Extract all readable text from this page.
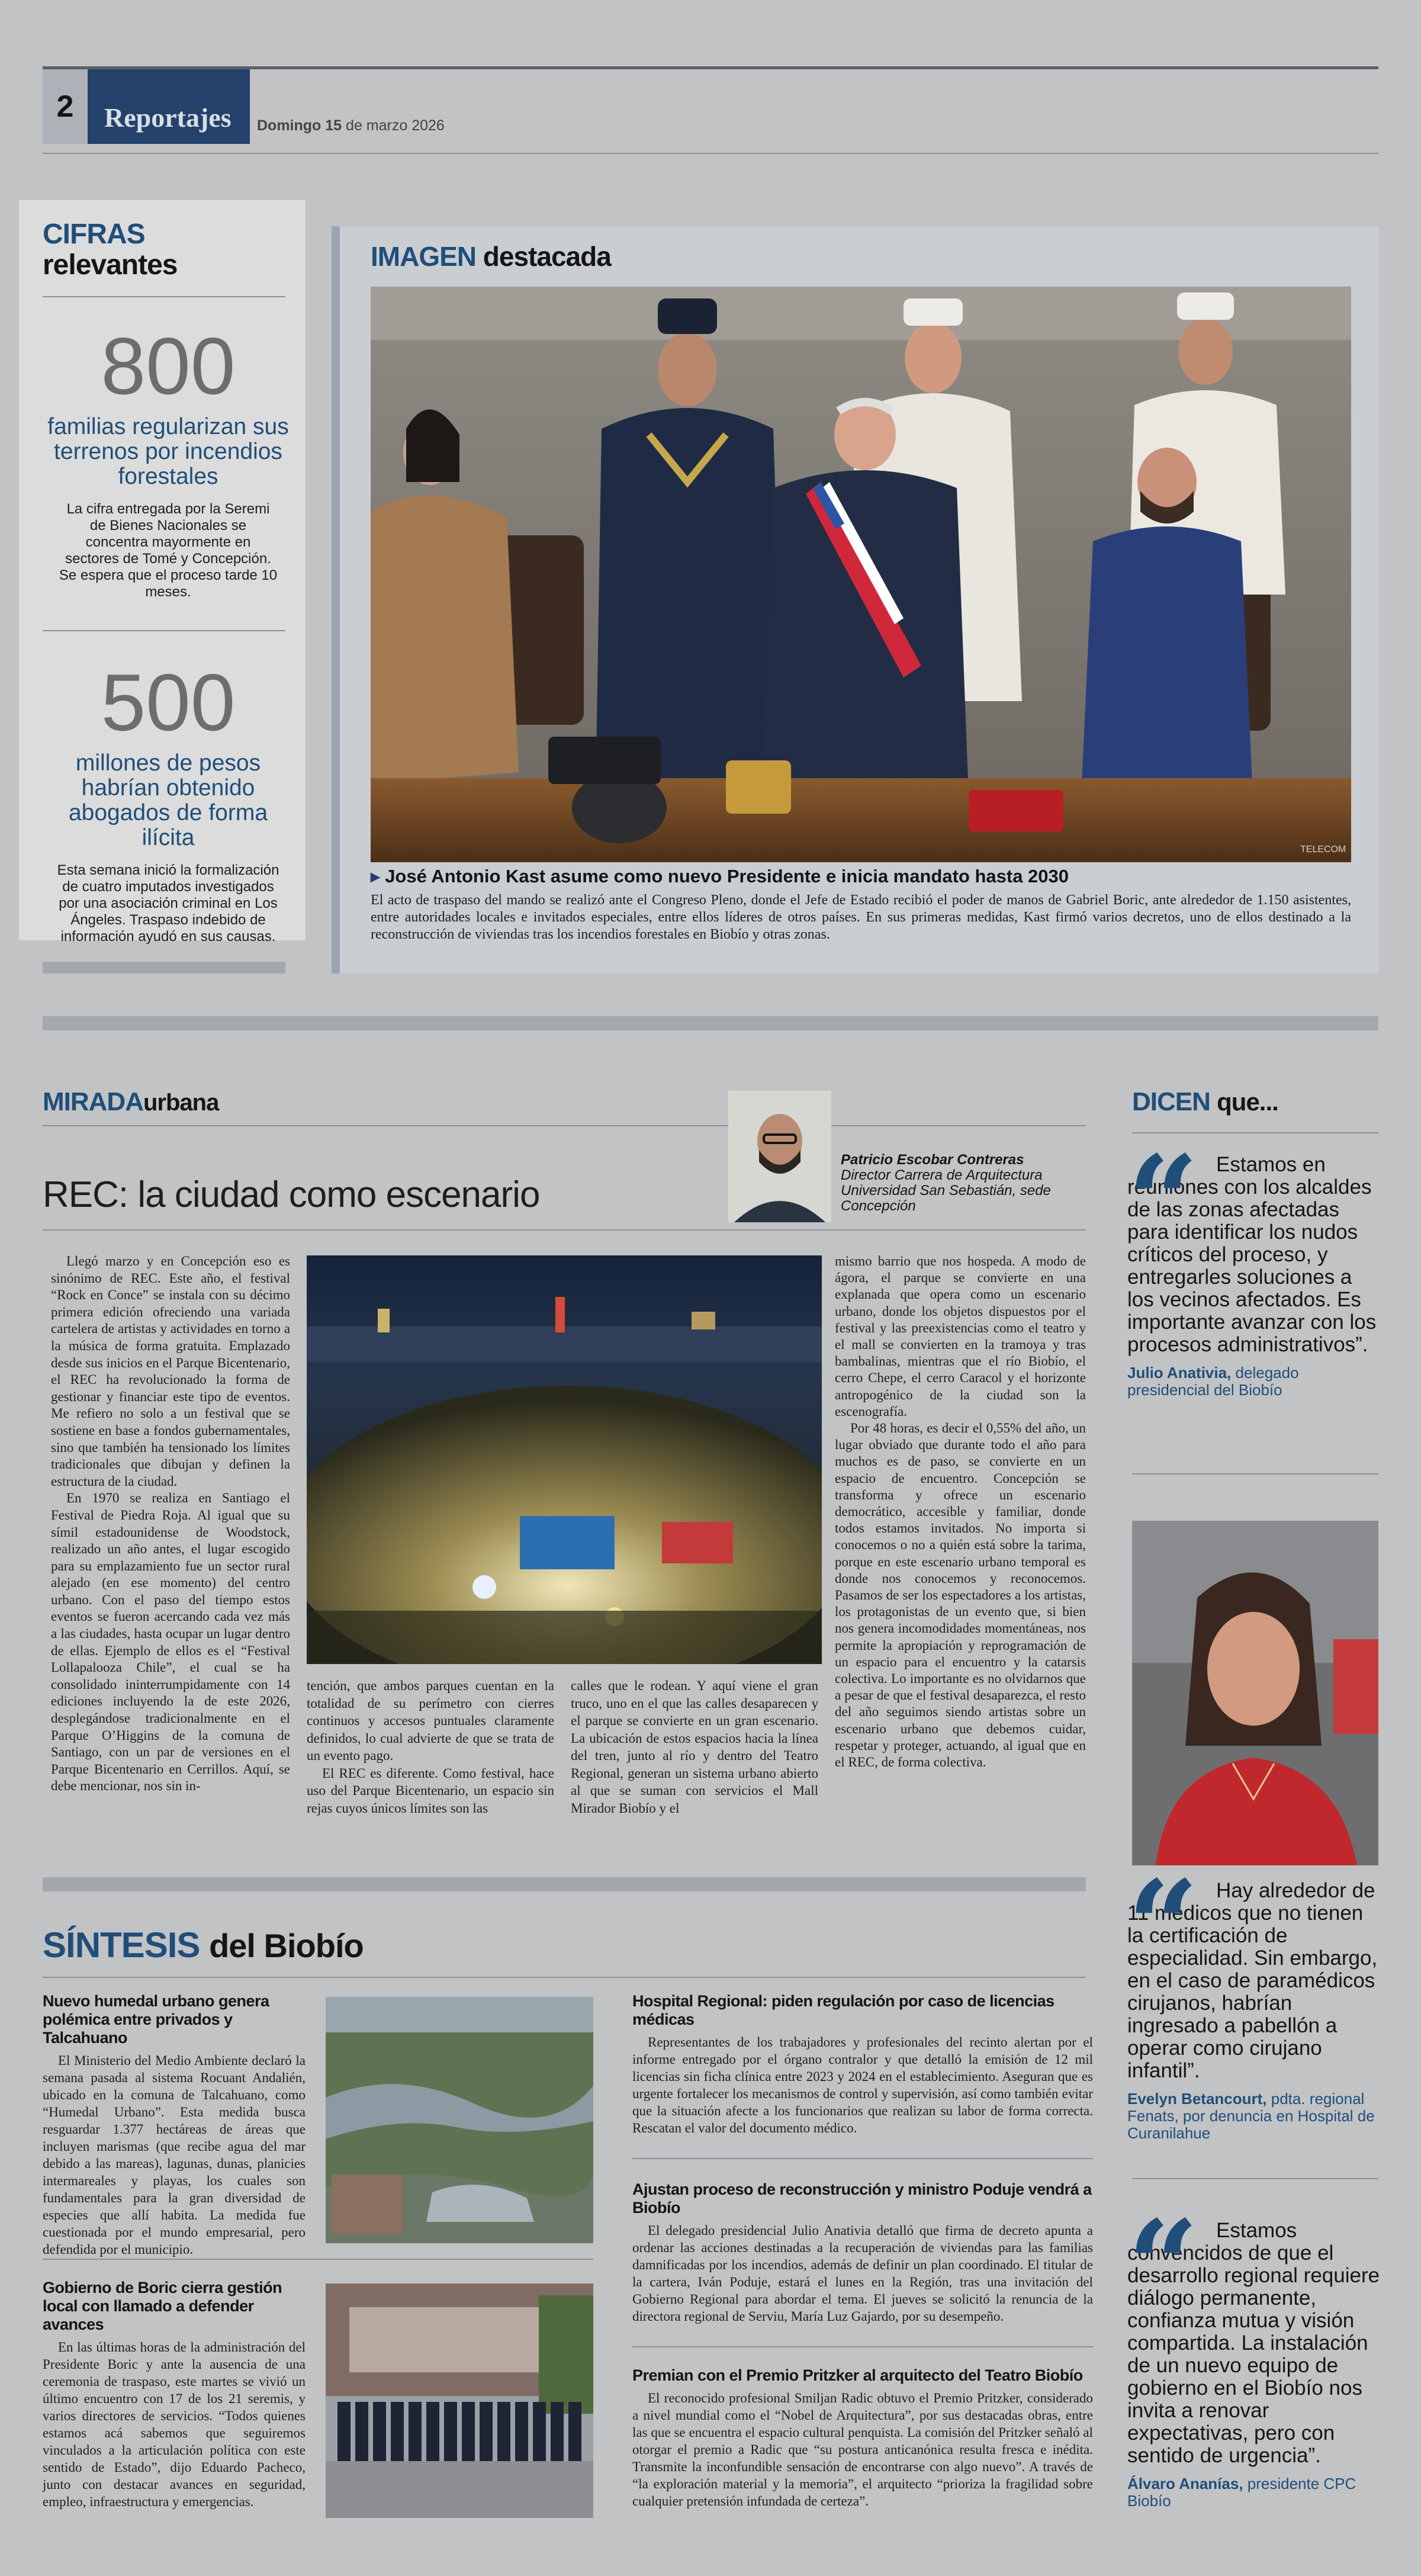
2	Reportajes Domingo 15 de marzo 2026
CIFRAS
relevantes
800
familias regularizan sus terrenos por incendios forestales
La cifra entregada por la Seremi de Bienes Nacionales se concentra mayormente en sectores de Tomé y Concepción. Se espera que el proceso tarde 10 meses.
500
millones de pesos habrían obtenido abogados de forma ilícita
Esta semana inició la formalización de cuatro imputados investigados por una asociación criminal en Los Ángeles. Traspaso indebido de información ayudó en sus causas.
IMAGEN destacada
TELECOM
▸ José Antonio Kast asume como nuevo Presidente e inicia mandato hasta 2030
El acto de traspaso del mando se realizó ante el Congreso Pleno, donde el Jefe de Estado recibió el poder de manos de Gabriel Boric, ante alrededor de 1.150 asistentes, entre autoridades locales e invitados especiales, entre ellos líderes de otros países. En sus primeras medidas, Kast firmó varios decretos, uno de ellos destinado a la reconstrucción de viviendas tras los incendios forestales en Biobío y otras zonas.
MIRADAurbana
Patricio Escobar Contreras
Director Carrera de Arquitectura
Universidad San Sebastián, sede
Concepción
REC: la ciudad como escenario

Llegó marzo y en Concepción eso es sinónimo de REC. Este año, el festival “Rock en Conce” se instala con su décimo primera edición ofreciendo una variada cartelera de artistas y actividades en torno a la música de forma gratuita. Emplazado desde sus inicios en el Parque Bicentenario, el REC ha revolucionado la forma de gestionar y financiar este tipo de eventos. Me refiero no solo a un festival que se sostiene en base a fondos gubernamentales, sino que también ha tensionado los límites tradicionales que dibujan y definen la estructura de la ciudad.

En 1970 se realiza en Santiago el Festival de Piedra Roja. Al igual que su símil estadounidense de Woodstock, realizado un año antes, el lugar escogido para su emplazamiento fue un sector rural alejado (en ese momento) del centro urbano. Con el paso del tiempo estos eventos se fueron acercando cada vez más a las ciudades, hasta ocupar un lugar dentro de ellas. Ejemplo de ellos es el “Festival Lollapalooza Chile”, el cual se ha consolidado ininterrumpidamente con 14 ediciones incluyendo la de este 2026, desplegándose tradicionalmente en el Parque O’Higgins de la comuna de Santiago, con un par de versiones en el Parque Bicentenario en Cerrillos. Aquí, se debe mencionar, nos sin in-

tención, que ambos parques cuentan en la totalidad de su perímetro con cierres continuos y accesos puntuales claramente definidos, lo cual advierte de que se trata de un evento pago.

El REC es diferente. Como festival, hace uso del Parque Bicentenario, un espacio sin rejas cuyos únicos límites son las

calles que le rodean. Y aquí viene el gran truco, uno en el que las calles desaparecen y el parque se convierte en un gran escenario. La ubicación de estos espacios hacia la línea del tren, junto al río y dentro del Teatro Regional, generan un sistema urbano abierto al que se suman con servicios el Mall Mirador Biobío y el

mismo barrio que nos hospeda. A modo de ágora, el parque se convierte en una explanada que opera como un escenario urbano, donde los objetos dispuestos por el festival y las preexistencias como el teatro y el mall se convierten en la tramoya y tras bambalinas, mientras que el río Biobío, el cerro Chepe, el cerro Caracol y el horizonte antropogénico de la ciudad son la escenografía.

Por 48 horas, es decir el 0,55% del año, un lugar obviado que durante todo el año para muchos es de paso, se convierte en un espacio de encuentro. Concepción se transforma y ofrece un escenario democrático, accesible y familiar, donde todos estamos invitados. No importa si conocemos o no a quién está sobre la tarima, porque en este escenario urbano temporal es donde nos conocemos y reconocemos. Pasamos de ser los espectadores a los artistas, los protagonistas de un evento que, si bien nos genera incomodidades momentáneas, nos permite la apropiación y reprogramación de un espacio para el encuentro y la catarsis colectiva. Lo importante es no olvidarnos que a pesar de que el festival desaparezca, el resto del año seguimos siendo artistas sobre un escenario urbano que debemos cuidar, respetar y proteger, actuando, al igual que en el REC, de forma colectiva.

DICEN que...
Estamos en reuniones con los alcaldes de las zonas afectadas para identificar los nudos críticos del proceso, y entregarles soluciones a los vecinos afectados. Es importante avanzar con los procesos administrativos”.
Julio Anativia, delegado presidencial del Biobío
Hay alrededor de 11 médicos que no tienen la certificación de especialidad. Sin embargo, en el caso de paramédicos cirujanos, habrían ingresado a pabellón a operar como cirujano infantil”.
Evelyn Betancourt, pdta. regional Fenats, por denuncia en Hospital de Curanilahue
Estamos convencidos de que el desarrollo regional requiere diálogo permanente, confianza mutua y visión compartida. La instalación de un nuevo equipo de gobierno en el Biobío nos invita a renovar expectativas, pero con sentido de urgencia”.
Álvaro Ananías, presidente CPC Biobío
SÍNTESIS del Biobío
Nuevo humedal urbano genera polémica entre privados y Talcahuano

El Ministerio del Medio Ambiente declaró la semana pasada al sistema Rocuant Andalién, ubicado en la comuna de Talcahuano, como “Humedal Urbano”. Esta medida busca resguardar 1.377 hectáreas de áreas que incluyen marismas (que recibe agua del mar debido a las mareas), lagunas, dunas, planicies intermareales y playas, los cuales son fundamentales para la gran diversidad de especies que allí habita. La medida fue cuestionada por el mundo empresarial, pero defendida por el municipio.

Gobierno de Boric cierra gestión local con llamado a defender avances

En las últimas horas de la administración del Presidente Boric y ante la ausencia de una ceremonia de traspaso, este martes se vivió un último encuentro con 17 de los 21 seremis, y varios directores de servicios. “Todos quienes estamos acá sabemos que seguiremos vinculados a la articulación política con este sentido de Estado”, dijo Eduardo Pacheco, junto con destacar avances en seguridad, empleo, infraestructura y emergencias.

Hospital Regional: piden regulación por caso de licencias médicas

Representantes de los trabajadores y profesionales del recinto alertan por el informe entregado por el órgano contralor y que detalló la emisión de 12 mil licencias sin ficha clínica entre 2023 y 2024 en el establecimiento. Aseguran que es urgente fortalecer los mecanismos de control y supervisión, así como también evitar que la situación afecte a los funcionarios que realizan su labor de forma correcta. Rescatan el valor del documento médico.

Ajustan proceso de reconstrucción y ministro Poduje vendrá a Biobío

El delegado presidencial Julio Anativia detalló que firma de decreto apunta a ordenar las acciones destinadas a la recuperación de viviendas para las familias damnificadas por los incendios, además de definir un plan coordinado. El titular de la cartera, Iván Poduje, estará el lunes en la Región, tras una invitación del Gobierno Regional para abordar el tema. El jueves se solicitó la renuncia de la directora regional de Serviu, María Luz Gajardo, por su desempeño.

Premian con el Premio Pritzker al arquitecto del Teatro Biobío

El reconocido profesional Smiljan Radic obtuvo el Premio Pritzker, considerado a nivel mundial como el “Nobel de Arquitectura”, por sus destacadas obras, entre las que se encuentra el espacio cultural penquista. La comisión del Pritzker señaló al otorgar el premio a Radic que “su postura anticanónica resulta fresca e inédita. Transmite la inconfundible sensación de encontrarse con algo nuevo”. A través de “la exploración material y la memoria”, el arquitecto “prioriza la fragilidad sobre cualquier pretensión infundada de certeza”.
